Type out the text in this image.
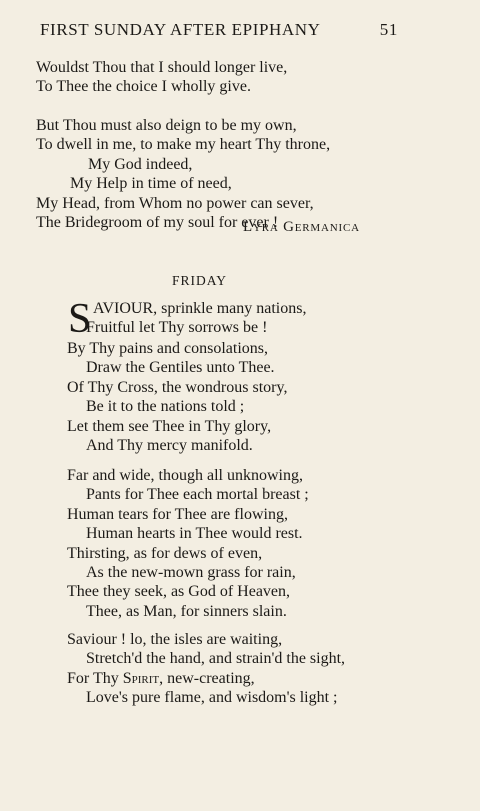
FIRST SUNDAY AFTER EPIPHANY	51
Wouldst Thou that I should longer live,
To Thee the choice I wholly give.
But Thou must also deign to be my own,
To dwell in me, to make my heart Thy throne,
My God indeed,
My Help in time of need,
My Head, from Whom no power can sever,
The Bridegroom of my soul for ever !
Lyra Germanica
FRIDAY
S AVIOUR, sprinkle many nations,
Fruitful let Thy sorrows be !
By Thy pains and consolations,
Draw the Gentiles unto Thee.
Of Thy Cross, the wondrous story,
Be it to the nations told ;
Let them see Thee in Thy glory,
And Thy mercy manifold.
Far and wide, though all unknowing,
Pants for Thee each mortal breast ;
Human tears for Thee are flowing,
Human hearts in Thee would rest.
Thirsting, as for dews of even,
As the new-mown grass for rain,
Thee they seek, as God of Heaven,
Thee, as Man, for sinners slain.
Saviour ! lo, the isles are waiting,
Stretch'd the hand, and strain'd the sight,
For Thy Spirit, new-creating,
Love's pure flame, and wisdom's light ;
